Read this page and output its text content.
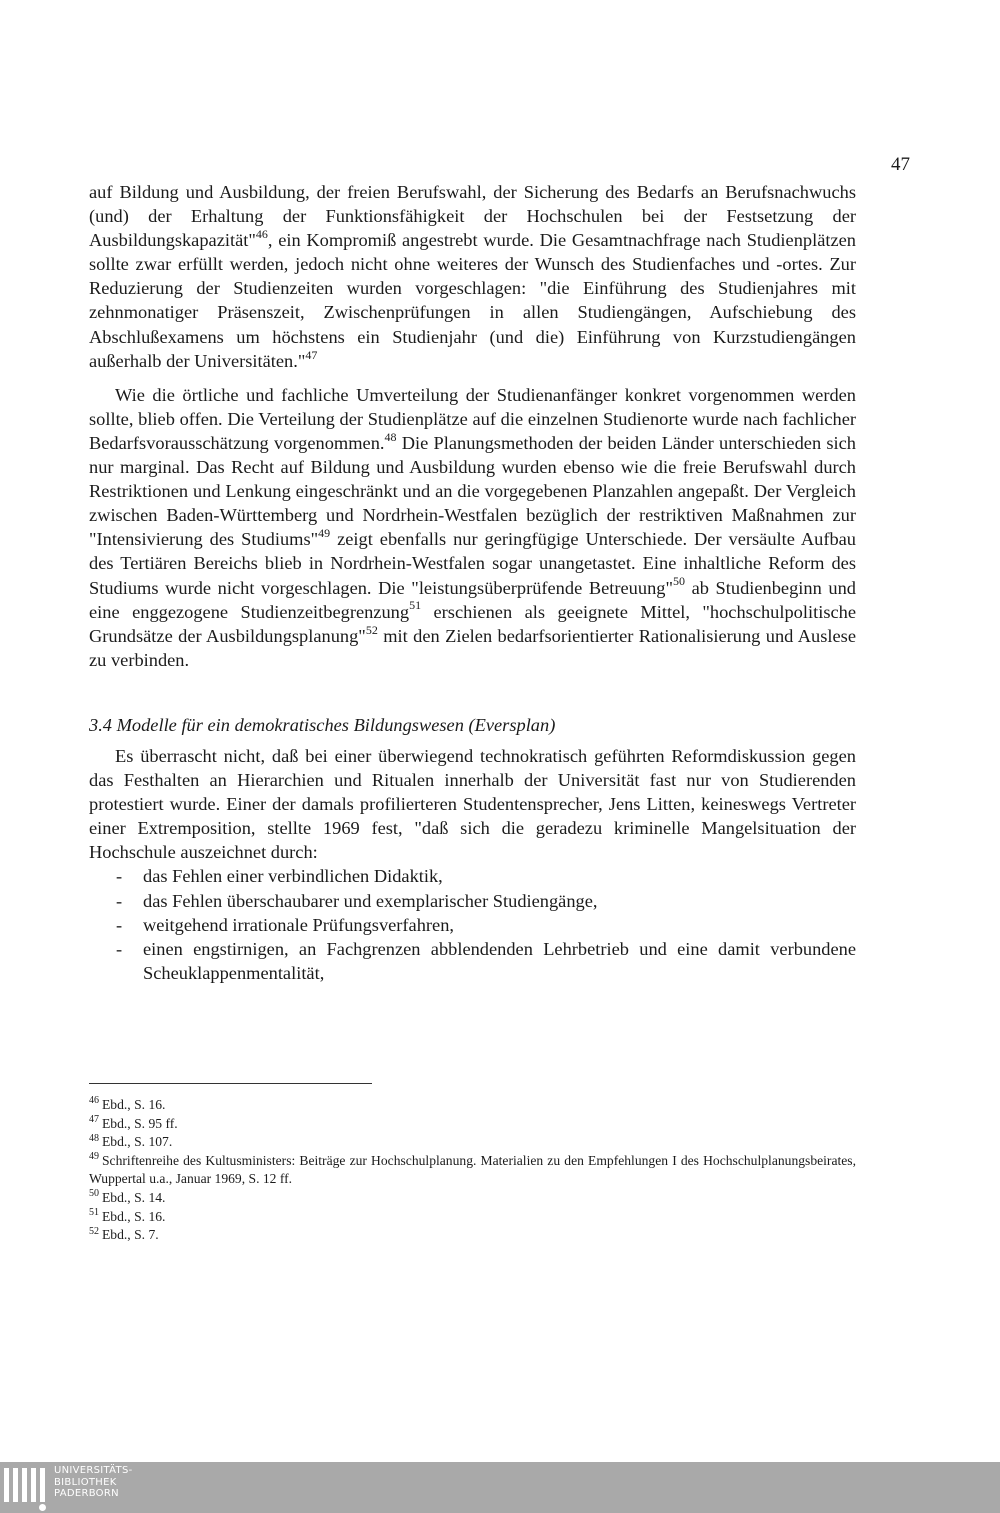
47

auf Bildung und Ausbildung, der freien Berufswahl, der Sicherung des Bedarfs an Berufsnachwuchs (und) der Erhaltung der Funktionsfähigkeit der Hochschulen bei der Festsetzung der Ausbildungskapazität"$^{46}$, ein Kompromiß angestrebt wurde. Die Gesamtnachfrage nach Studienplätzen sollte zwar erfüllt werden, jedoch nicht ohne weiteres der Wunsch des Studienfaches und -ortes. Zur Reduzierung der Studienzeiten wurden vorgeschlagen: "die Einführung des Studienjahres mit zehnmonatiger Präsenszeit, Zwischenprüfungen in allen Studiengängen, Aufschiebung des Abschlußexamens um höchstens ein Studienjahr (und die) Einführung von Kurzstudiengängen außerhalb der Universitäten."$^{47}$

Wie die örtliche und fachliche Umverteilung der Studienanfänger konkret vorgenommen werden sollte, blieb offen. Die Verteilung der Studienplätze auf die einzelnen Studienorte wurde nach fachlicher Bedarfsvorausschätzung vorgenommen.$^{48}$ Die Planungsmethoden der beiden Länder unterschieden sich nur marginal. Das Recht auf Bildung und Ausbildung wurden ebenso wie die freie Berufswahl durch Restriktionen und Lenkung eingeschränkt und an die vorgegebenen Planzahlen angepaßt. Der Vergleich zwischen Baden-Württemberg und Nordrhein-Westfalen bezüglich der restriktiven Maßnahmen zur "Intensivierung des Studiums"$^{49}$ zeigt ebenfalls nur geringfügige Unterschiede. Der versäulte Aufbau des Tertiären Bereichs blieb in Nordrhein-Westfalen sogar unangetastet. Eine inhaltliche Reform des Studiums wurde nicht vorgeschlagen. Die "leistungsüberprüfende Betreuung"$^{50}$ ab Studienbeginn und eine enggezogene Studienzeitbegrenzung$^{51}$ erschienen als geeignete Mittel, "hochschulpolitische Grundsätze der Ausbildungsplanung"$^{52}$ mit den Zielen bedarfsorientierter Rationalisierung und Auslese zu verbinden.

3.4 Modelle für ein demokratisches Bildungswesen (Eversplan)

Es überrascht nicht, daß bei einer überwiegend technokratisch geführten Reformdiskussion gegen das Festhalten an Hierarchien und Ritualen innerhalb der Universität fast nur von Studierenden protestiert wurde. Einer der damals profilierteren Studentensprecher, Jens Litten, keineswegs Vertreter einer Extremposition, stellte 1969 fest, "daß sich die geradezu kriminelle Mangelsituation der Hochschule auszeichnet durch:

- das Fehlen einer verbindlichen Didaktik,
- das Fehlen überschaubarer und exemplarischer Studiengänge,
- weitgehend irrationale Prüfungsverfahren,
- einen engstirnigen, an Fachgrenzen abblendenden Lehrbetrieb und eine damit verbundene Scheuklappenmentalität,
$^{46}$ Ebd., S. 16.
$^{47}$ Ebd., S. 95 ff.
$^{48}$ Ebd., S. 107.
$^{49}$ Schriftenreihe des Kultusministers: Beiträge zur Hochschulplanung. Materialien zu den Empfehlungen I des Hochschulplanungsbeirates, Wuppertal u.a., Januar 1969, S. 12 ff.
$^{50}$ Ebd., S. 14.
$^{51}$ Ebd., S. 16.
$^{52}$ Ebd., S. 7.
UNIVERSITÄTS-
BIBLIOTHEK
PADERBORN
